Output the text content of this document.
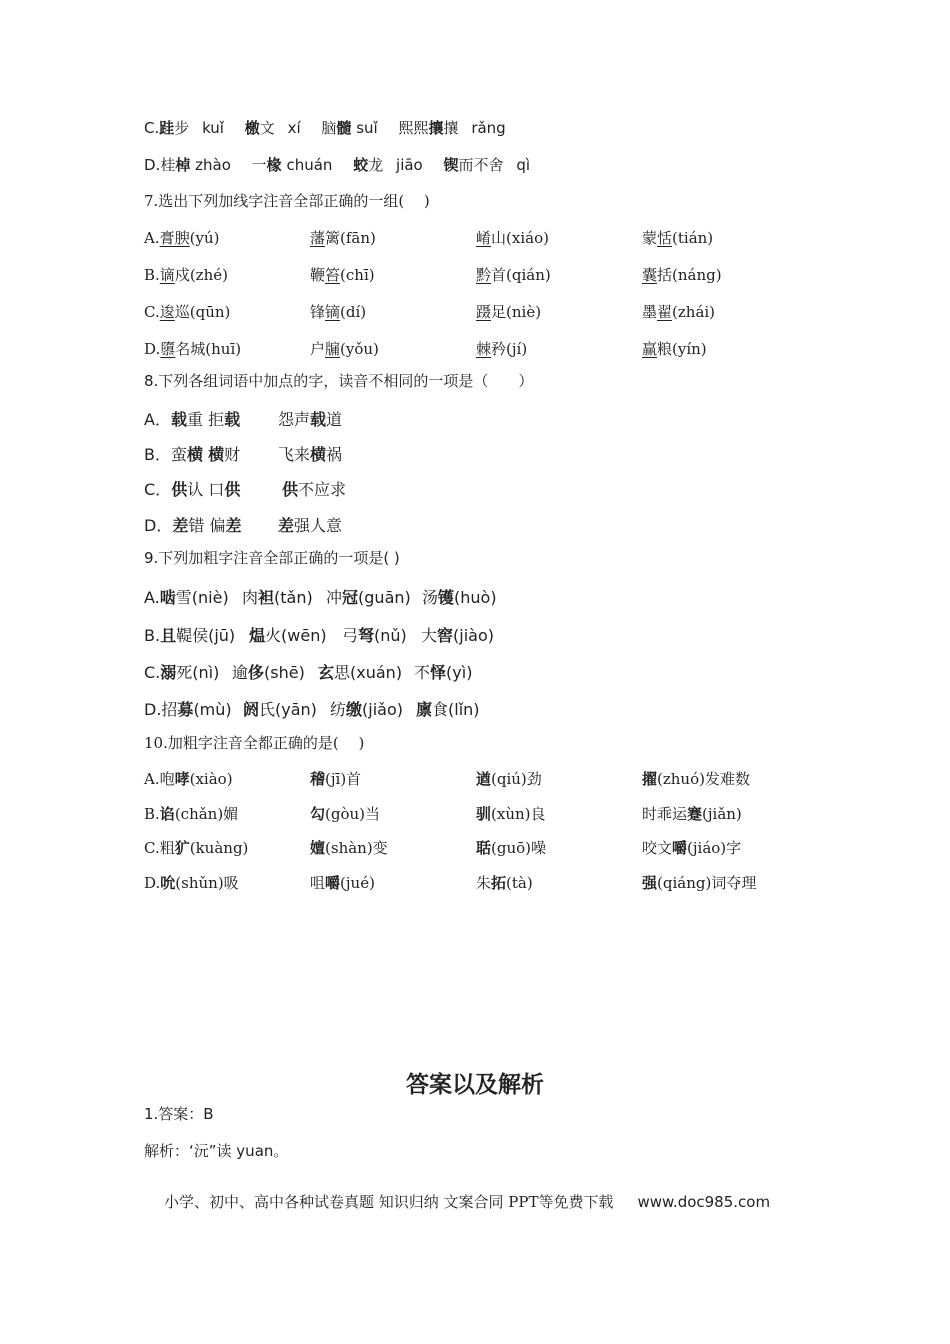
C.跬步 kuǐ 檄文 xí 脑髓 suǐ 熙熙攘攘 rǎng
D.桂棹 zhào 一椽 chuán 蛟龙 jiāo 锲而不舍 qì
7.选出下列加线字注音全部正确的一组(　 )
A.膏腴(yú)	藩篱(fān)	崤山(xiáo)	蒙恬(tián)
B.谪戍(zhé)	鞭笞(chī)	黔首(qián)	囊括(náng)
C.逡巡(qūn)	锋镝(dí)	蹑足(niè)	墨翟(zhái)
D.隳名城(huī)	户牖(yǒu)	棘矜(jí)	赢粮(yín)
8.下列各组词语中加点的字，读音不相同的一项是（　　）
A．载重 拒载 怨声载道
B．蛮横 横财 飞来横祸
C．供认 口供	供不应求
D．差错 偏差 差强人意
9.下列加粗字注音全部正确的一项是( )
A.啮雪(niè) 肉袒(tǎn) 冲冠(guān) 汤镬(huò)
B.且鞮侯(jū) 煴火(wēn) 弓弩(nǔ) 大窖(jiào)
C.溺死(nì) 逾侈(shē) 玄思(xuán) 不怿(yì)
D.招募(mù) 阏氏(yān) 纺缴(jiǎo) 廪食(lǐn)
10.加粗字注音全都正确的是(　 )
A.咆哮(xiào)	稽(jī)首	遒(qiú)劲	擢(zhuó)发难数
B.谄(chǎn)媚	勾(gòu)当	驯(xùn)良	时乖运蹇(jiǎn)
C.粗犷(kuàng)	嬗(shàn)变	聒(guō)噪	咬文嚼(jiáo)字
D.吮(shǔn)吸	咀嚼(jué)	朱拓(tà)	强(qiáng)词夺理
答案以及解析
1.答案：B
解析：‘沅”读 yuan。
小学、初中、高中各种试卷真题 知识归纳 文案合同 PPT等免费下载 www.doc985.com
